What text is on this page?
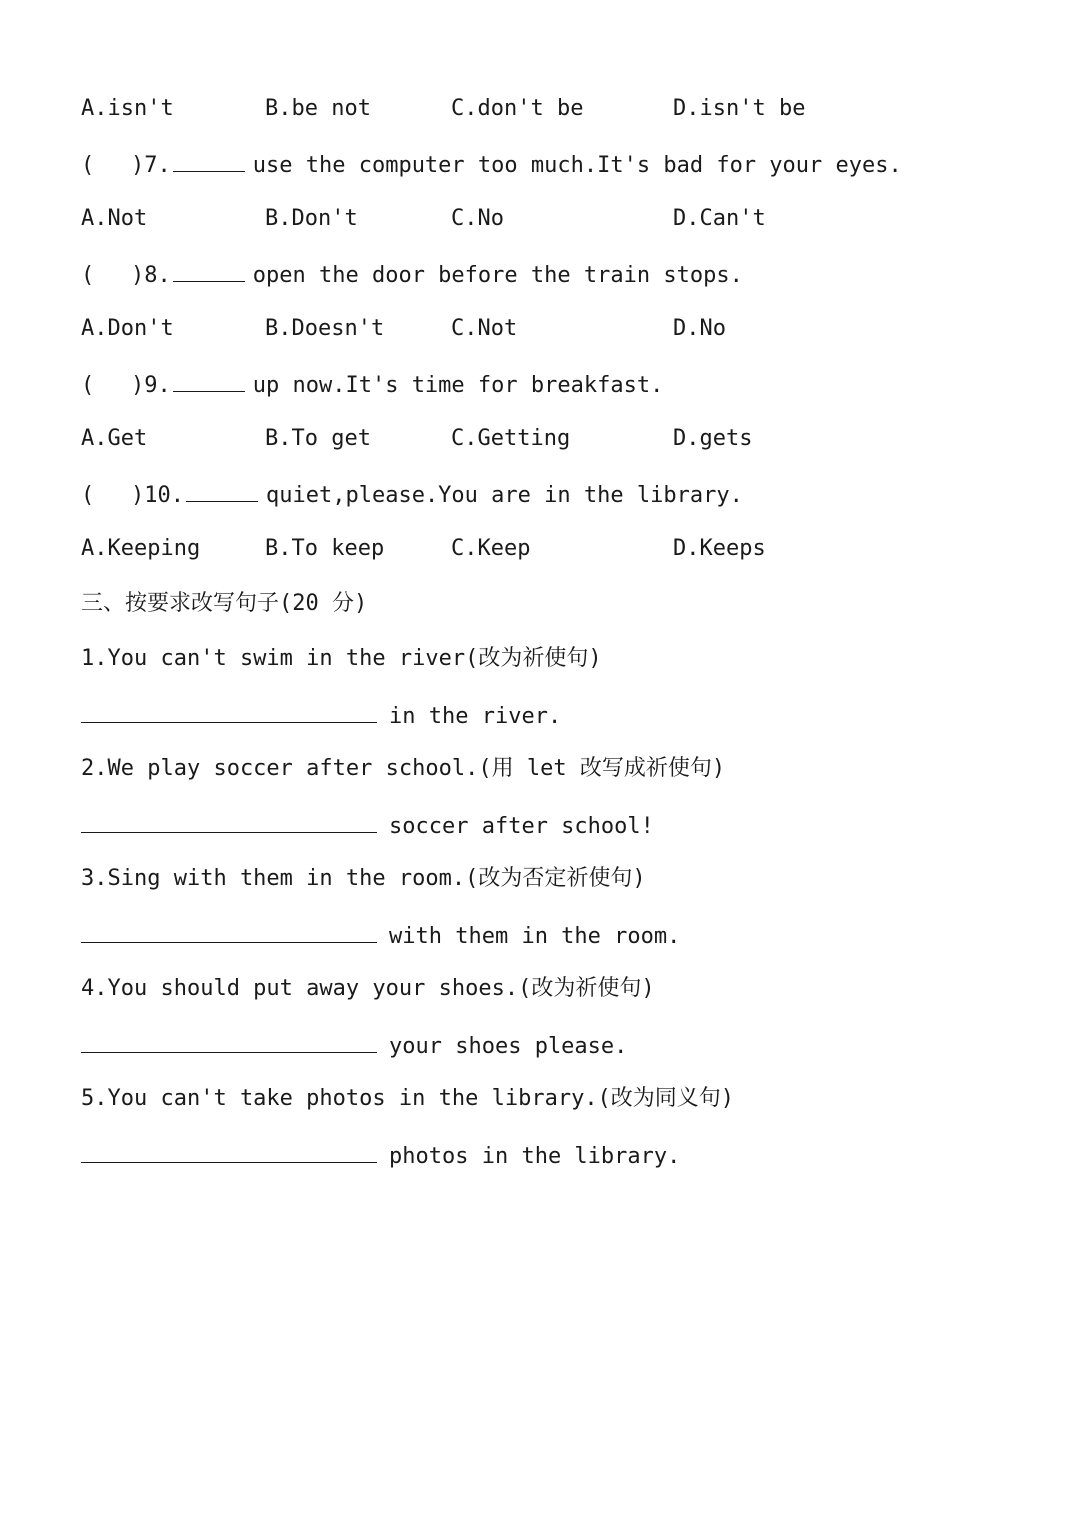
A.isn't

	B.be not

	C.don't be

	D.isn't be

( )7.	use the computer too much.It's bad for your eyes.

A.Not

	B.Don't

	C.No

	D.Can't

( )8.	open the door before the train stops.

A.Don't

	B.Doesn't

	C.Not

	D.No

( )9.	up now.It's time for breakfast.

A.Get

	B.To get

	C.Getting

	D.gets

( )10.	quiet,please.You are in the library.

A.Keeping

	B.To keep

	C.Keep

	D.Keeps

三、按要求改写句子(20 分)
1.You can't swim in the river(改为祈使句)
in the river.
2.We play soccer after school.(用 let 改写成祈使句)
soccer after school!
3.Sing with them in the room.(改为否定祈使句)
with them in the room.
4.You should put away your shoes.(改为祈使句)
your shoes please.
5.You can't take photos in the library.(改为同义句)
photos in the library.
